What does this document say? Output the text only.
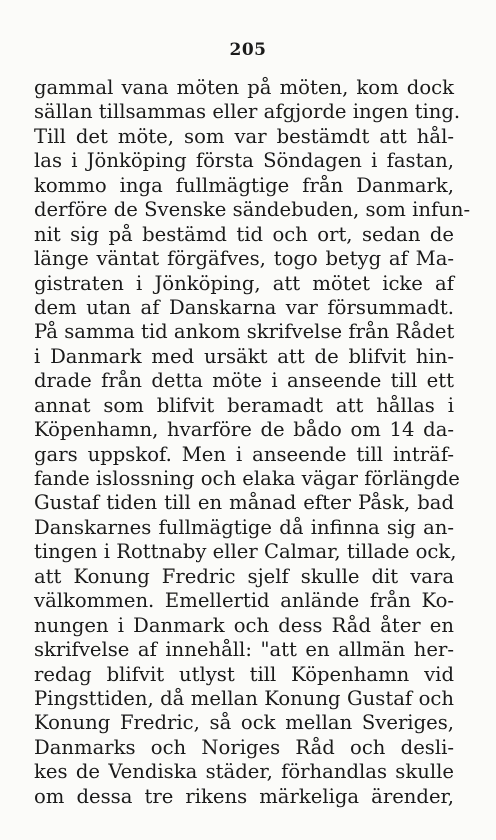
205
gammal vana möten på möten, kom dock
sällan tillsammas eller afgjorde ingen ting.
Till det möte, som var bestämdt att hål-
las i Jönköping första Söndagen i fastan,
kommo inga fullmägtige från Danmark,
derföre de Svenske sändebuden, som infun-
nit sig på bestämd tid och ort, sedan de
länge väntat förgäfves, togo betyg af Ma-
gistraten i Jönköping, att mötet icke af
dem utan af Danskarna var försummadt.
På samma tid ankom skrifvelse från Rådet
i Danmark med ursäkt att de blifvit hin-
drade från detta möte i anseende till ett
annat som blifvit beramadt att hållas i
Köpenhamn, hvarföre de bådo om 14 da-
gars uppskof. Men i anseende till inträf-
fande islossning och elaka vägar förlängde
Gustaf tiden till en månad efter Påsk, bad
Danskarnes fullmägtige då infinna sig an-
tingen i Rottnaby eller Calmar, tillade ock,
att Konung Fredric sjelf skulle dit vara
välkommen. Emellertid anlände från Ko-
nungen i Danmark och dess Råd åter en
skrifvelse af innehåll: "att en allmän her-
redag blifvit utlyst till Köpenhamn vid
Pingsttiden, då mellan Konung Gustaf och
Konung Fredric, så ock mellan Sveriges,
Danmarks och Noriges Råd och desli-
kes de Vendiska städer, förhandlas skulle
om dessa tre rikens märkeliga ärender,
